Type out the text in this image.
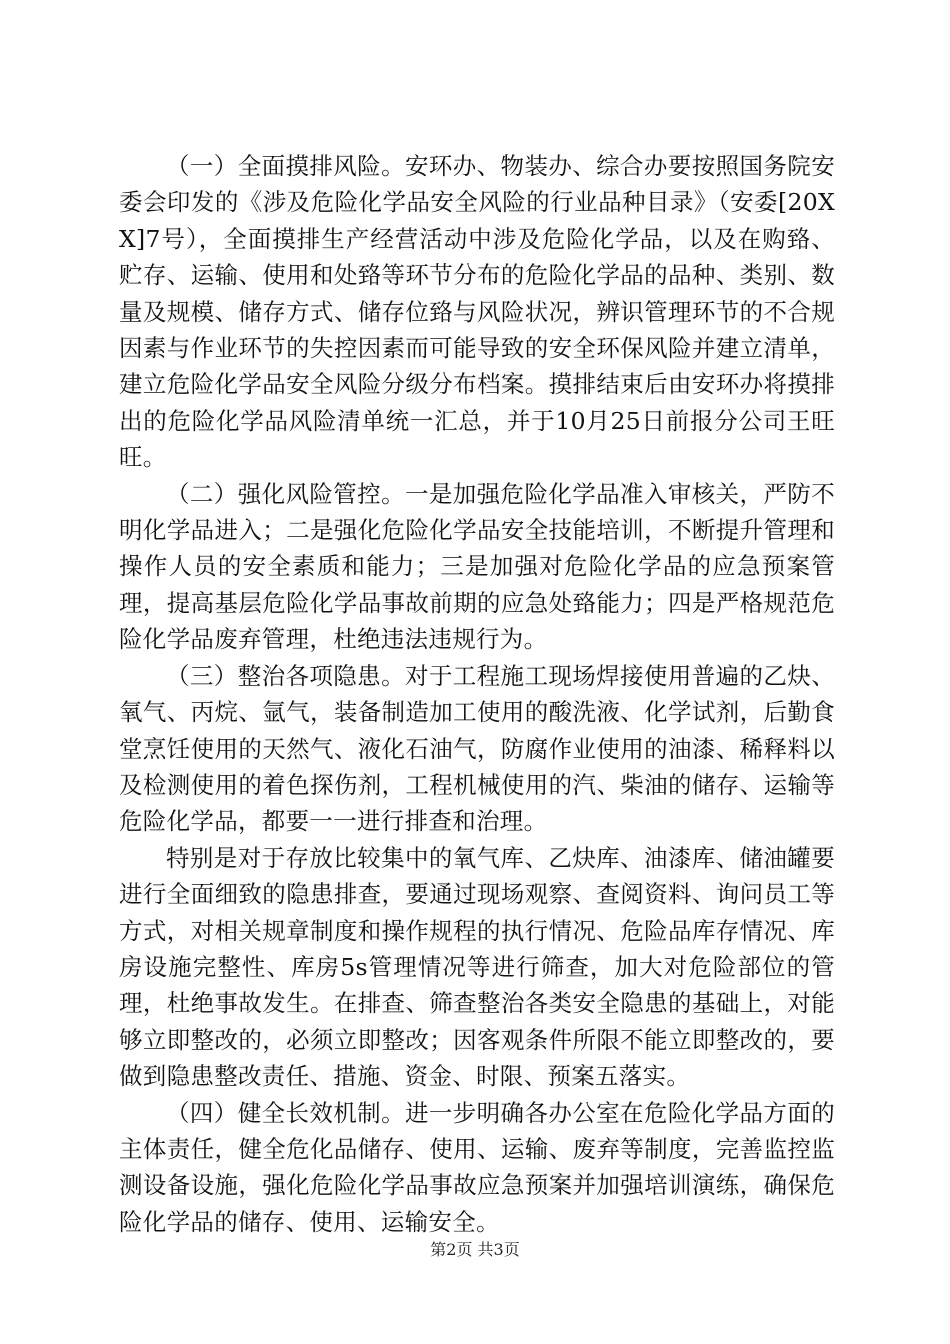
（一）全面摸排风险。安环办、物装办、综合办要按照国务院安委会印发的《涉及危险化学品安全风险的行业品种目录》（安委[20XX]7号），全面摸排生产经营活动中涉及危险化学品，以及在购臵、贮存、运输、使用和处臵等环节分布的危险化学品的品种、类别、数量及规模、储存方式、储存位臵与风险状况，辨识管理环节的不合规因素与作业环节的失控因素而可能导致的安全环保风险并建立清单，建立危险化学品安全风险分级分布档案。摸排结束后由安环办将摸排出的危险化学品风险清单统一汇总，并于10月25日前报分公司王旺旺。

（二）强化风险管控。一是加强危险化学品准入审核关，严防不明化学品进入；二是强化危险化学品安全技能培训，不断提升管理和操作人员的安全素质和能力；三是加强对危险化学品的应急预案管理，提高基层危险化学品事故前期的应急处臵能力；四是严格规范危险化学品废弃管理，杜绝违法违规行为。

（三）整治各项隐患。对于工程施工现场焊接使用普遍的乙炔、氧气、丙烷、氩气，装备制造加工使用的酸洗液、化学试剂，后勤食堂烹饪使用的天然气、液化石油气，防腐作业使用的油漆、稀释料以及检测使用的着色探伤剂，工程机械使用的汽、柴油的储存、运输等危险化学品，都要一一进行排查和治理。

特别是对于存放比较集中的氧气库、乙炔库、油漆库、储油罐要进行全面细致的隐患排查，要通过现场观察、查阅资料、询问员工等方式，对相关规章制度和操作规程的执行情况、危险品库存情况、库房设施完整性、库房5s管理情况等进行筛查，加大对危险部位的管理，杜绝事故发生。在排查、筛查整治各类安全隐患的基础上，对能够立即整改的，必须立即整改；因客观条件所限不能立即整改的，要做到隐患整改责任、措施、资金、时限、预案五落实。

（四）健全长效机制。进一步明确各办公室在危险化学品方面的主体责任，健全危化品储存、使用、运输、废弃等制度，完善监控监测设备设施，强化危险化学品事故应急预案并加强培训演练，确保危险化学品的储存、使用、运输安全。

第2页 共3页
